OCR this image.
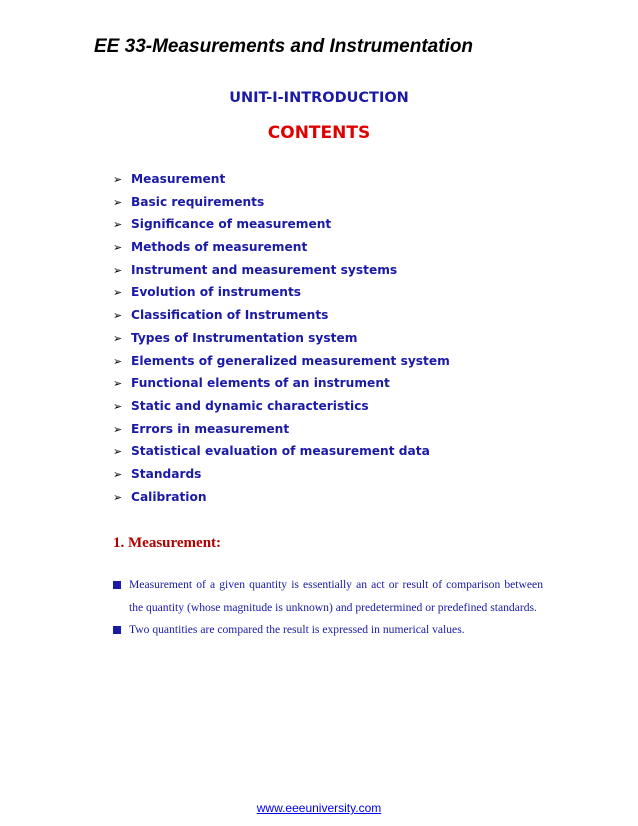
EE 33-Measurements and Instrumentation
UNIT-I-INTRODUCTION
CONTENTS
➢ Measurement
➢ Basic requirements
➢ Significance of measurement
➢ Methods of measurement
➢ Instrument and measurement systems
➢ Evolution of instruments
➢ Classification of Instruments
➢ Types of Instrumentation system
➢ Elements of generalized measurement system
➢ Functional elements of an instrument
➢ Static and dynamic characteristics
➢ Errors in measurement
➢ Statistical evaluation of measurement data
➢ Standards
➢ Calibration
1. Measurement:
Measurement of a given quantity is essentially an act or result of comparison between the quantity (whose magnitude is unknown) and predetermined or predefined standards.
Two quantities are compared the result is expressed in numerical values.
www.eeeuniversity.com
